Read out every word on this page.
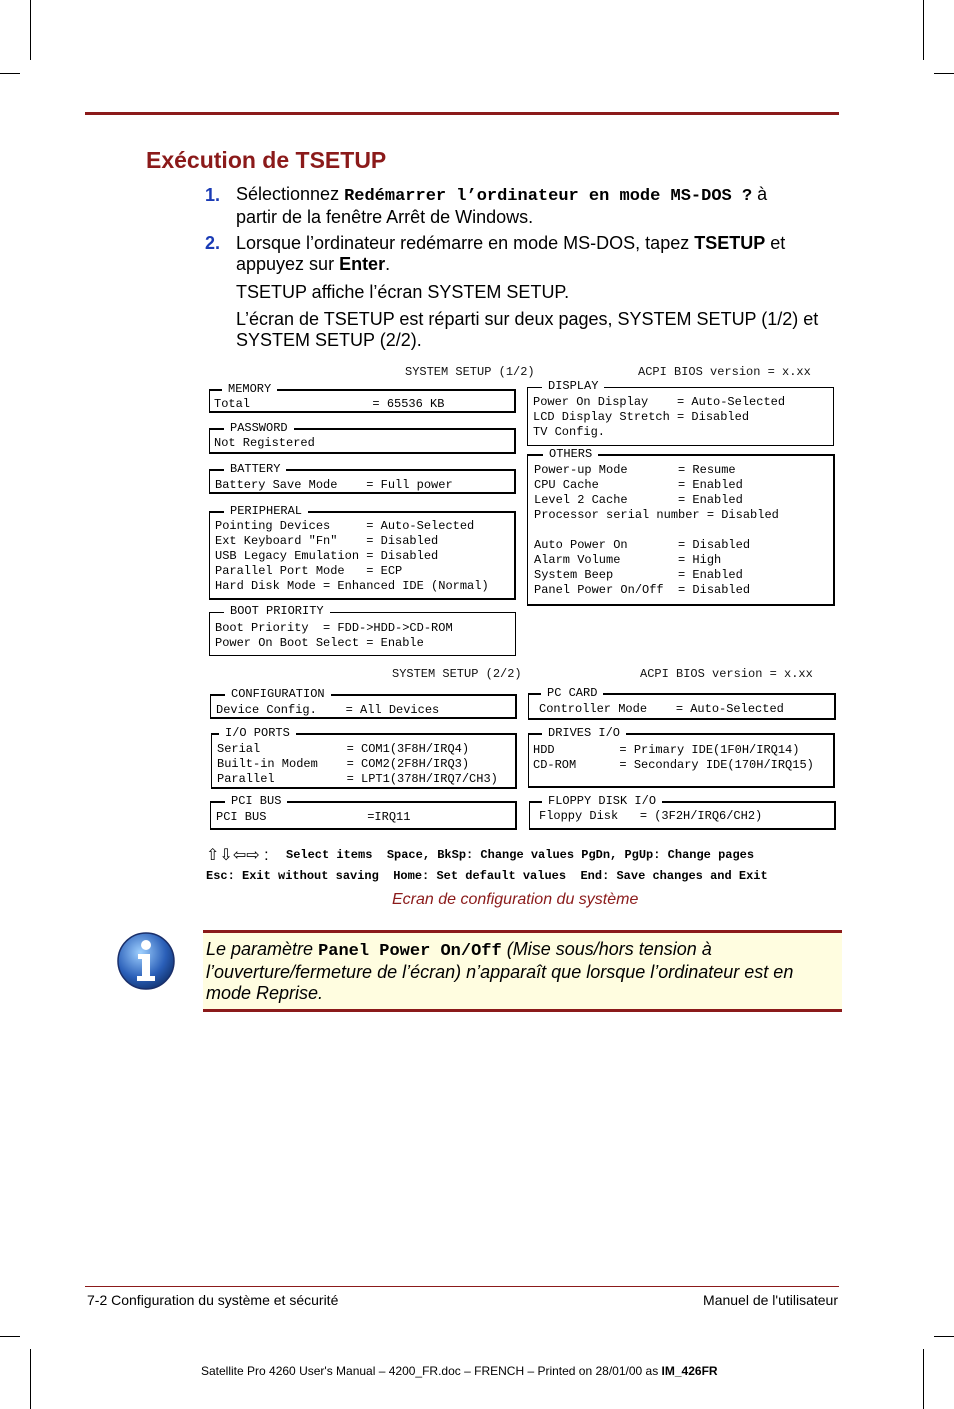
Exécution de TSETUP
1. Sélectionnez Redémarrer l’ordinateur en mode MS-DOS ? à
partir de la fenêtre Arrêt de Windows.
2. Lorsque l’ordinateur redémarre en mode MS-DOS, tapez TSETUP et
appuyez sur Enter.
TSETUP affiche l’écran SYSTEM SETUP.
L’écran de TSETUP est réparti sur deux pages, SYSTEM SETUP (1/2) et SYSTEM SETUP (2/2).
SYSTEM SETUP (1/2)	ACPI BIOS version = x.xx
MEMORY
Total                 = 65536 KB
PASSWORD
Not Registered
BATTERY
Battery Save Mode    = Full power
PERIPHERAL
Pointing Devices     = Auto-Selected
Ext Keyboard "Fn"    = Disabled
USB Legacy Emulation = Disabled
Parallel Port Mode   = ECP
Hard Disk Mode = Enhanced IDE (Normal)
BOOT PRIORITY
Boot Priority  = FDD->HDD->CD-ROM
Power On Boot Select = Enable
DISPLAY
Power On Display    = Auto-Selected
LCD Display Stretch = Disabled
TV Config.
OTHERS
Power-up Mode       = Resume
CPU Cache           = Enabled
Level 2 Cache       = Enabled
Processor serial number = Disabled

Auto Power On       = Disabled
Alarm Volume        = High
System Beep         = Enabled
Panel Power On/Off  = Disabled
SYSTEM SETUP (2/2)	ACPI BIOS version = x.xx
CONFIGURATION
Device Config.    = All Devices
I/O PORTS
Serial            = COM1(3F8H/IRQ4)
Built-in Modem    = COM2(2F8H/IRQ3)
Parallel          = LPT1(378H/IRQ7/CH3)
PCI BUS
PCI BUS              =IRQ11
PC CARD
Controller Mode    = Auto-Selected
DRIVES I/O
HDD         = Primary IDE(1F0H/IRQ14)
CD-ROM      = Secondary IDE(170H/IRQ15)
FLOPPY DISK I/O
Floppy Disk   = (3F2H/IRQ6/CH2)
⇧⇩⇦⇨ : Select items  Space, BkSp: Change values PgDn, PgUp: Change pages
Esc: Exit without saving  Home: Set default values  End: Save changes and Exit
Ecran de configuration du système
Le paramètre Panel Power On/Off (Mise sous/hors tension à l’ouverture/fermeture de l’écran) n’apparaît que lorsque l’ordinateur est en mode Reprise.
7-2 Configuration du système et sécurité	Manuel de l'utilisateur
Satellite Pro 4260 User's Manual – 4200_FR.doc – FRENCH – Printed on 28/01/00 as IM_426FR
